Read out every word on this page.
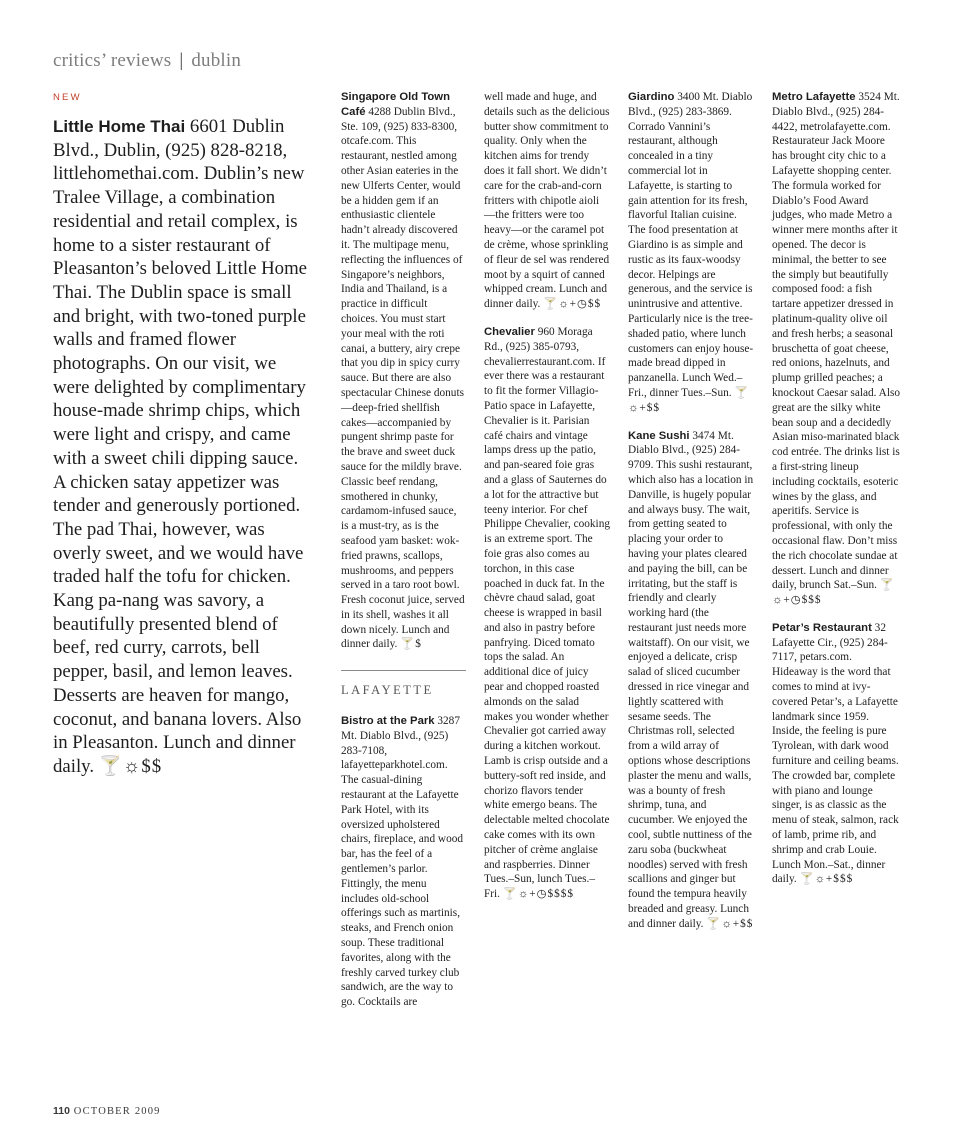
critics’ reviews | dublin
NEW

Little Home Thai 6601 Dublin Blvd., Dublin, (925) 828-8218, littlehomethai.com. Dublin’s new Tralee Village, a combination residential and retail complex, is home to a sister restaurant of Pleasanton’s beloved Little Home Thai. The Dublin space is small and bright, with two-toned purple walls and framed flower photographs. On our visit, we were delighted by complimentary house-made shrimp chips, which were light and crispy, and came with a sweet chili dipping sauce. A chicken satay appetizer was tender and generously portioned. The pad Thai, however, was overly sweet, and we would have traded half the tofu for chicken. Kang pa-nang was savory, a beautifully presented blend of beef, red curry, carrots, bell pepper, basil, and lemon leaves. Desserts are heaven for mango, coconut, and banana lovers. Also in Pleasanton. Lunch and dinner daily. 🍸☼$$

Singapore Old Town Café 4288 Dublin Blvd., Ste. 109, (925) 833-8300, otcafe.com. This restaurant, nestled among other Asian eateries in the new Ulferts Center, would be a hidden gem if an enthusiastic clientele hadn’t already discovered it. The multipage menu, reflecting the influences of Singapore’s neighbors, India and Thailand, is a practice in difficult choices. You must start your meal with the roti canai, a buttery, airy crepe that you dip in spicy curry sauce. But there are also spectacular Chinese donuts—deep-fried shellfish cakes—accompanied by pungent shrimp paste for the brave and sweet duck sauce for the mildly brave. Classic beef rendang, smothered in chunky, cardamom-infused sauce, is a must-try, as is the seafood yam basket: wok-fried prawns, scallops, mushrooms, and peppers served in a taro root bowl. Fresh coconut juice, served in its shell, washes it all down nicely. Lunch and dinner daily. 🍸$

LAFAYETTE

Bistro at the Park 3287 Mt. Diablo Blvd., (925) 283-7108, lafayetteparkhotel.com. The casual-dining restaurant at the Lafayette Park Hotel, with its oversized upholstered chairs, fireplace, and wood bar, has the feel of a gentlemen’s parlor. Fittingly, the menu includes old-school offerings such as martinis, steaks, and French onion soup. These traditional favorites, along with the freshly carved turkey club sandwich, are the way to go. Cocktails are

well made and huge, and details such as the delicious butter show commitment to quality. Only when the kitchen aims for trendy does it fall short. We didn’t care for the crab-and-corn fritters with chipotle aioli—the fritters were too heavy—or the caramel pot de crème, whose sprinkling of fleur de sel was rendered moot by a squirt of canned whipped cream. Lunch and dinner daily. 🍸☼+◷$$

Chevalier 960 Moraga Rd., (925) 385-0793, chevalierrestaurant.com. If ever there was a restaurant to fit the former Villagio-Patio space in Lafayette, Chevalier is it. Parisian café chairs and vintage lamps dress up the patio, and pan-seared foie gras and a glass of Sauternes do a lot for the attractive but teeny interior. For chef Philippe Chevalier, cooking is an extreme sport. The foie gras also comes au torchon, in this case poached in duck fat. In the chèvre chaud salad, goat cheese is wrapped in basil and also in pastry before panfrying. Diced tomato tops the salad. An additional dice of juicy pear and chopped roasted almonds on the salad makes you wonder whether Chevalier got carried away during a kitchen workout. Lamb is crisp outside and a buttery-soft red inside, and chorizo flavors tender white emergo beans. The delectable melted chocolate cake comes with its own pitcher of crème anglaise and raspberries. Dinner Tues.–Sun, lunch Tues.–Fri. 🍸☼+◷$$$$

Giardino 3400 Mt. Diablo Blvd., (925) 283-3869. Corrado Vannini’s restaurant, although concealed in a tiny commercial lot in Lafayette, is starting to gain attention for its fresh, flavorful Italian cuisine. The food presentation at Giardino is as simple and rustic as its faux-woodsy decor. Helpings are generous, and the service is unintrusive and attentive. Particularly nice is the tree-shaded patio, where lunch customers can enjoy house-made bread dipped in panzanella. Lunch Wed.–Fri., dinner Tues.–Sun. 🍸☼+$$

Kane Sushi 3474 Mt. Diablo Blvd., (925) 284-9709. This sushi restaurant, which also has a location in Danville, is hugely popular and always busy. The wait, from getting seated to placing your order to having your plates cleared and paying the bill, can be irritating, but the staff is friendly and clearly working hard (the restaurant just needs more waitstaff). On our visit, we enjoyed a delicate, crisp salad of sliced cucumber dressed in rice vinegar and lightly scattered with sesame seeds. The Christmas roll, selected from a wild array of options whose descriptions plaster the menu and walls, was a bounty of fresh shrimp, tuna, and cucumber. We enjoyed the cool, subtle nuttiness of the zaru soba (buckwheat noodles) served with fresh scallions and ginger but found the tempura heavily breaded and greasy. Lunch and dinner daily. 🍸☼+$$

Metro Lafayette 3524 Mt. Diablo Blvd., (925) 284-4422, metrolafayette.com. Restaurateur Jack Moore has brought city chic to a Lafayette shopping center. The formula worked for Diablo’s Food Award judges, who made Metro a winner mere months after it opened. The decor is minimal, the better to see the simply but beautifully composed food: a fish tartare appetizer dressed in platinum-quality olive oil and fresh herbs; a seasonal bruschetta of goat cheese, red onions, hazelnuts, and plump grilled peaches; a knockout Caesar salad. Also great are the silky white bean soup and a decidedly Asian miso-marinated black cod entrée. The drinks list is a first-string lineup including cocktails, esoteric wines by the glass, and aperitifs. Service is professional, with only the occasional flaw. Don’t miss the rich chocolate sundae at dessert. Lunch and dinner daily, brunch Sat.–Sun. 🍸☼+◷$$$

Petar’s Restaurant 32 Lafayette Cir., (925) 284-7117, petars.com. Hideaway is the word that comes to mind at ivy-covered Petar’s, a Lafayette landmark since 1959. Inside, the feeling is pure Tyrolean, with dark wood furniture and ceiling beams. The crowded bar, complete with piano and lounge singer, is as classic as the menu of steak, salmon, rack of lamb, prime rib, and shrimp and crab Louie. Lunch Mon.–Sat., dinner daily. 🍸☼+$$$

110 OCTOBER 2009
